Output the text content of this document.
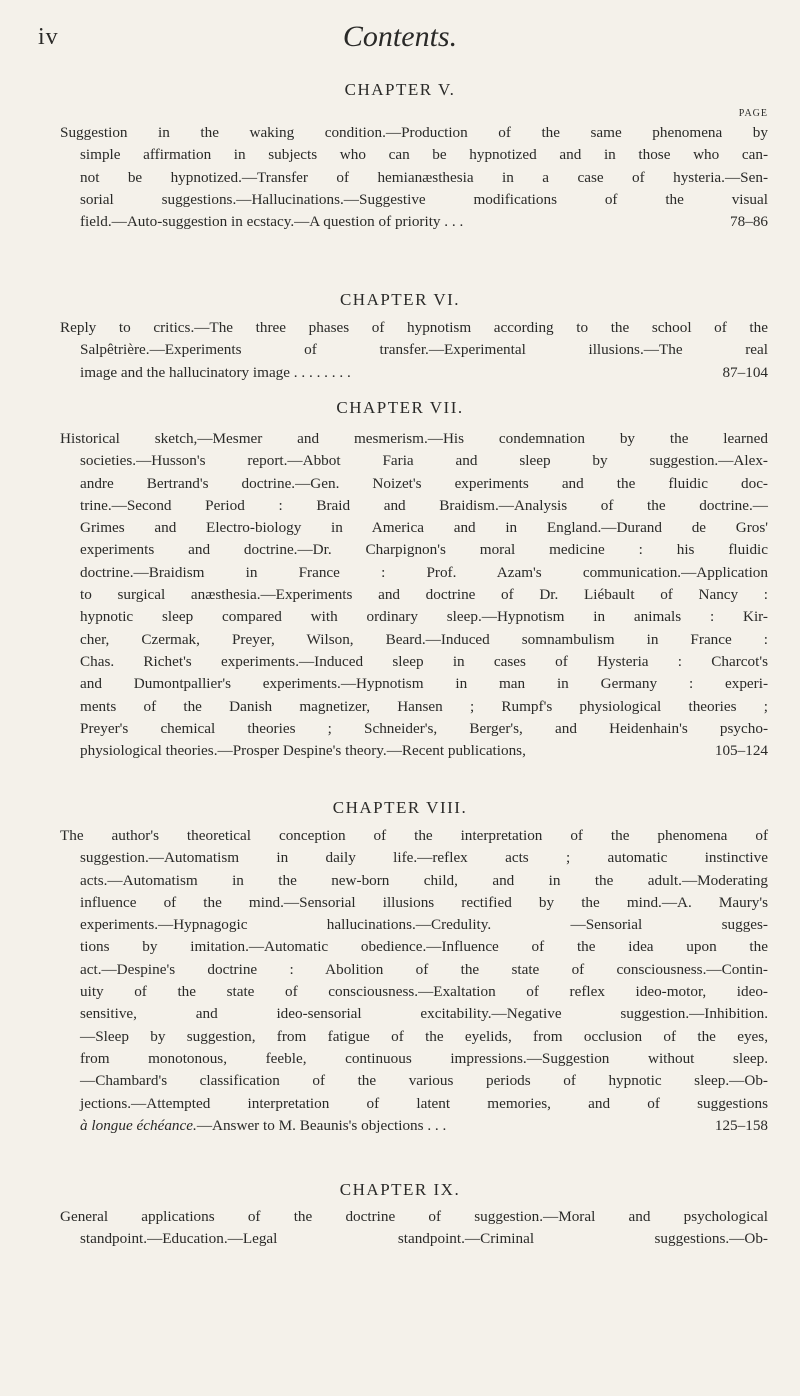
iv	Contents.
CHAPTER V.
PAGE
Suggestion in the waking condition.—Production of the same phenomena by
simple affirmation in subjects who can be hypnotized and in those who can-
not be hypnotized.—Transfer of hemianæsthesia in a case of hysteria.—Sen-
sorial suggestions.—Hallucinations.—Suggestive modifications of the visual
field.—Auto-suggestion in ecstacy.—A question of priority . . .	78–86
CHAPTER VI.
Reply to critics.—The three phases of hypnotism according to the school of the
Salpêtrière.—Experiments of transfer.—Experimental illusions.—The real
image and the hallucinatory image . . . . . . . .	87–104
CHAPTER VII.
Historical sketch,—Mesmer and mesmerism.—His condemnation by the learned
societies.—Husson's report.—Abbot Faria and sleep by suggestion.—Alex-
andre Bertrand's doctrine.—Gen. Noizet's experiments and the fluidic doc-
trine.—Second Period : Braid and Braidism.—Analysis of the doctrine.—
Grimes and Electro-biology in America and in England.—Durand de Gros'
experiments and doctrine.—Dr. Charpignon's moral medicine : his fluidic
doctrine.—Braidism in France : Prof. Azam's communication.—Application
to surgical anæsthesia.—Experiments and doctrine of Dr. Liébault of Nancy :
hypnotic sleep compared with ordinary sleep.—Hypnotism in animals : Kir-
cher, Czermak, Preyer, Wilson, Beard.—Induced somnambulism in France :
Chas. Richet's experiments.—Induced sleep in cases of Hysteria : Charcot's
and Dumontpallier's experiments.—Hypnotism in man in Germany : experi-
ments of the Danish magnetizer, Hansen ; Rumpf's physiological theories ;
Preyer's chemical theories ; Schneider's, Berger's, and Heidenhain's psycho-
physiological theories.—Prosper Despine's theory.—Recent publications,	105–124
CHAPTER VIII.
The author's theoretical conception of the interpretation of the phenomena of
suggestion.—Automatism in daily life.—reflex acts ; automatic instinctive
acts.—Automatism in the new-born child, and in the adult.—Moderating
influence of the mind.—Sensorial illusions rectified by the mind.—A. Maury's
experiments.—Hypnagogic hallucinations.—Credulity. —Sensorial sugges-
tions by imitation.—Automatic obedience.—Influence of the idea upon the
act.—Despine's doctrine : Abolition of the state of consciousness.—Contin-
uity of the state of consciousness.—Exaltation of reflex ideo-motor, ideo-
sensitive, and ideo-sensorial excitability.—Negative suggestion.—Inhibition.
—Sleep by suggestion, from fatigue of the eyelids, from occlusion of the eyes,
from monotonous, feeble, continuous impressions.—Suggestion without sleep.
—Chambard's classification of the various periods of hypnotic sleep.—Ob-
jections.—Attempted interpretation of latent memories, and of suggestions
à longue échéance.—Answer to M. Beaunis's objections . . .	125–158
CHAPTER IX.
General applications of the doctrine of suggestion.—Moral and psychological
standpoint.—Education.—Legal standpoint.—Criminal suggestions.—Ob-
